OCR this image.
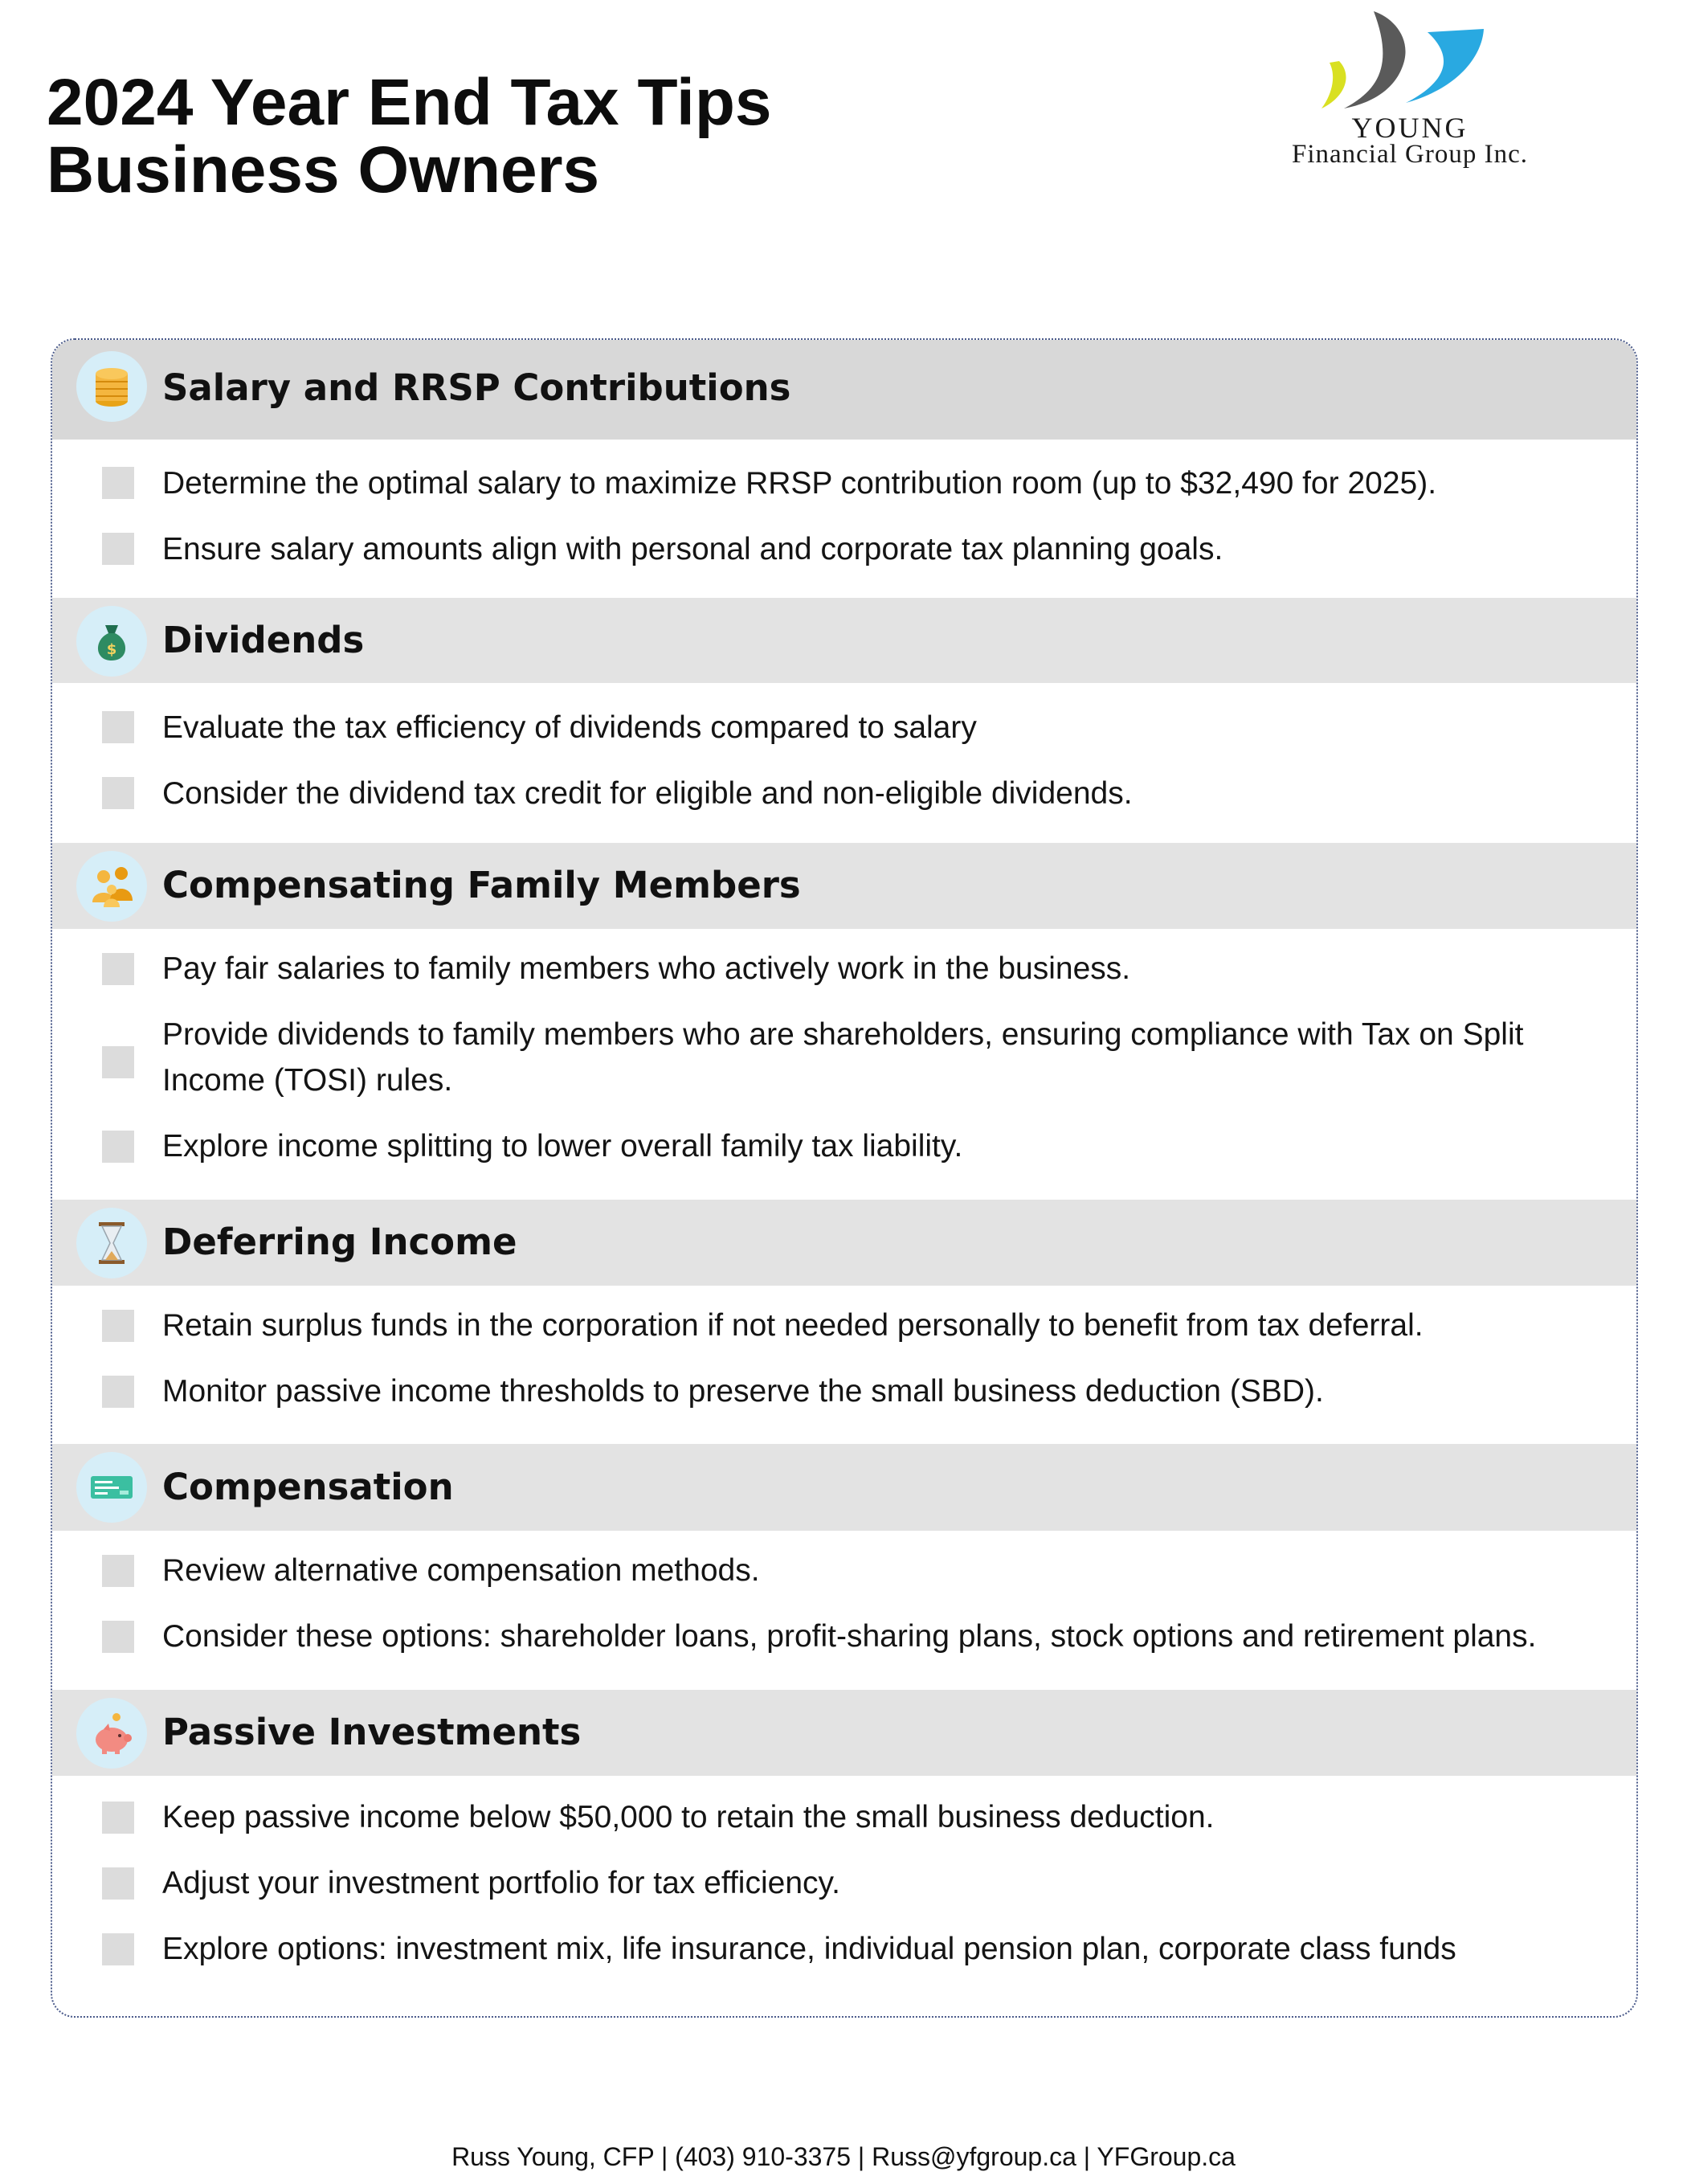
2024 Year End Tax Tips
Business Owners
YOUNG
Financial Group Inc.
Salary and RRSP Contributions
Determine the optimal salary to maximize RRSP contribution room (up to $32,490 for 2025).
Ensure salary amounts align with personal and corporate tax planning goals.
$ Dividends
Evaluate the tax efficiency of dividends compared to salary
Consider the dividend tax credit for eligible and non-eligible dividends.
Compensating Family Members
Pay fair salaries to family members who actively work in the business.
Provide dividends to family members who are shareholders, ensuring compliance with Tax on Split Income (TOSI) rules.
Explore income splitting to lower overall family tax liability.
Deferring Income
Retain surplus funds in the corporation if not needed personally to benefit from tax deferral.
Monitor passive income thresholds to preserve the small business deduction (SBD).
Compensation
Review alternative compensation methods.
Consider these options: shareholder loans, profit-sharing plans, stock options and retirement plans.
Passive Investments
Keep passive income below $50,000 to retain the small business deduction.
Adjust your investment portfolio for tax efficiency.
Explore options: investment mix, life insurance, individual pension plan, corporate class funds
Russ Young, CFP | (403) 910-3375 | Russ@yfgroup.ca | YFGroup.ca
